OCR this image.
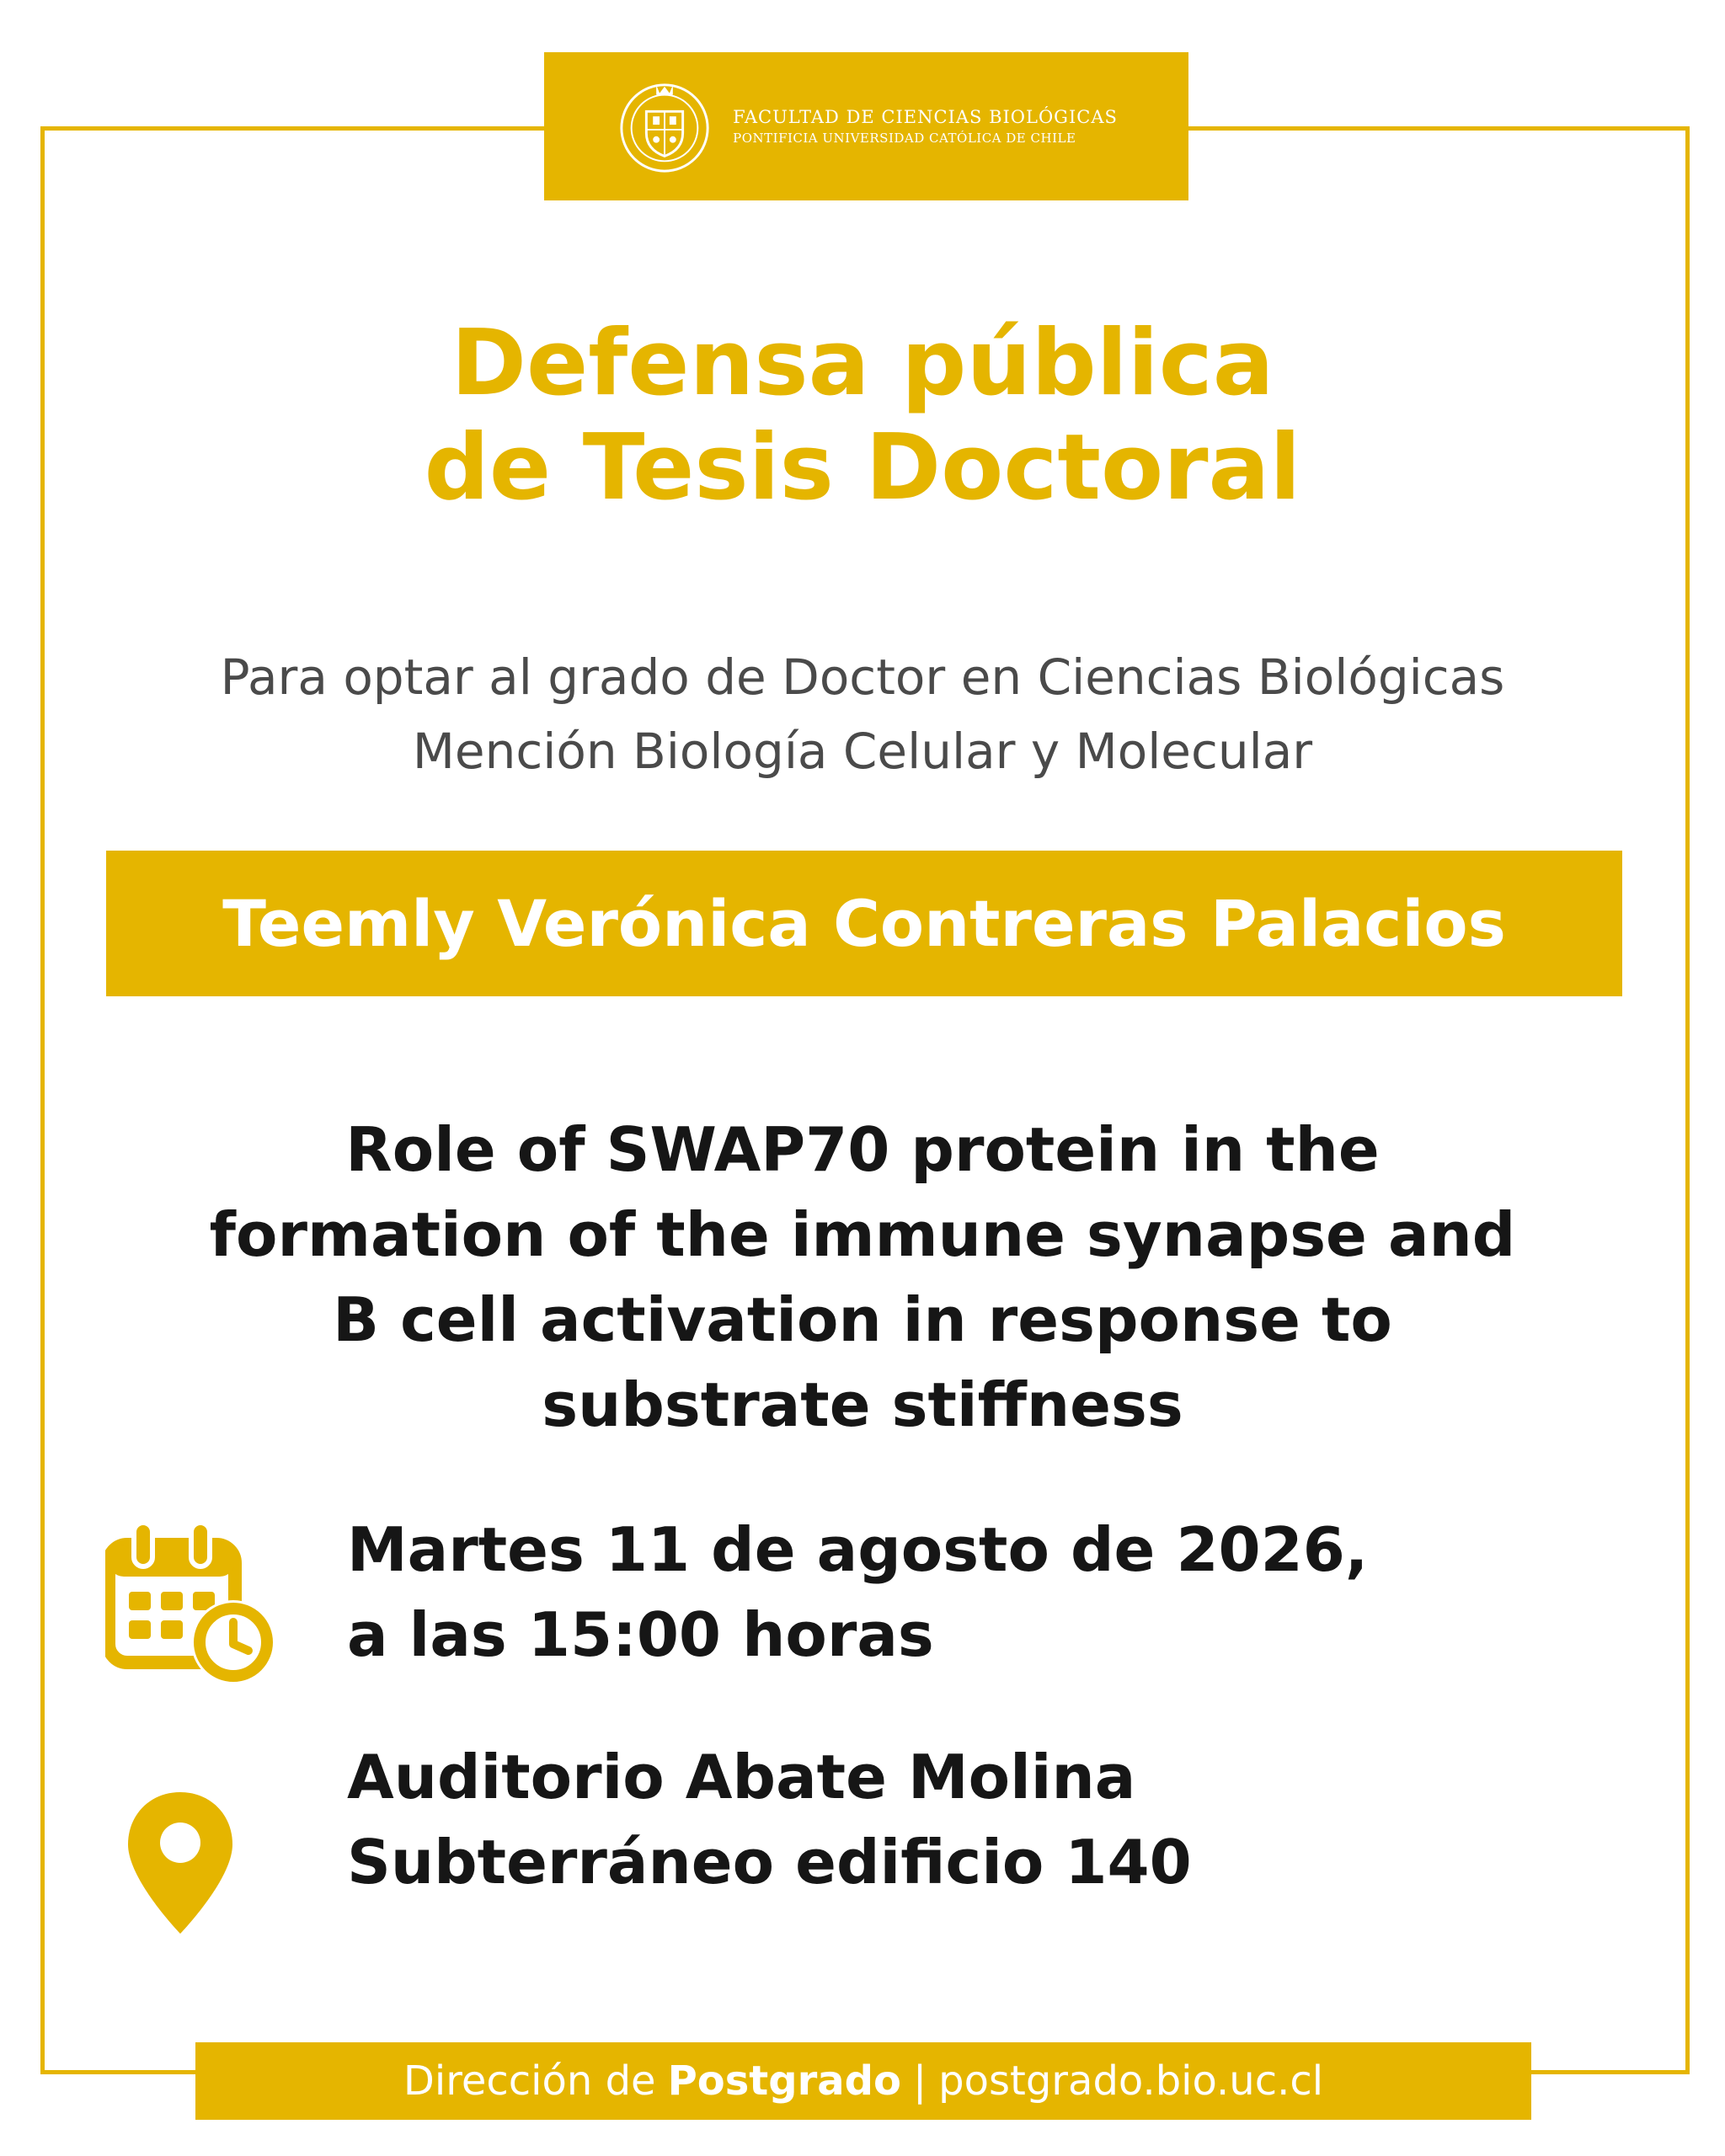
FACULTAD DE CIENCIAS BIOLÓGICAS
PONTIFICIA UNIVERSIDAD CATÓLICA DE CHILE
Defensa pública
de Tesis Doctoral
Para optar al grado de Doctor en Ciencias Biológicas
Mención Biología Celular y Molecular
Teemly Verónica Contreras Palacios
Role of SWAP70 protein in the
formation of the immune synapse and
B cell activation in response to
substrate stiffness
Martes 11 de agosto de 2026,
a las 15:00 horas
Auditorio Abate Molina
Subterráneo edificio 140
Dirección de Postgrado | postgrado.bio.uc.cl
